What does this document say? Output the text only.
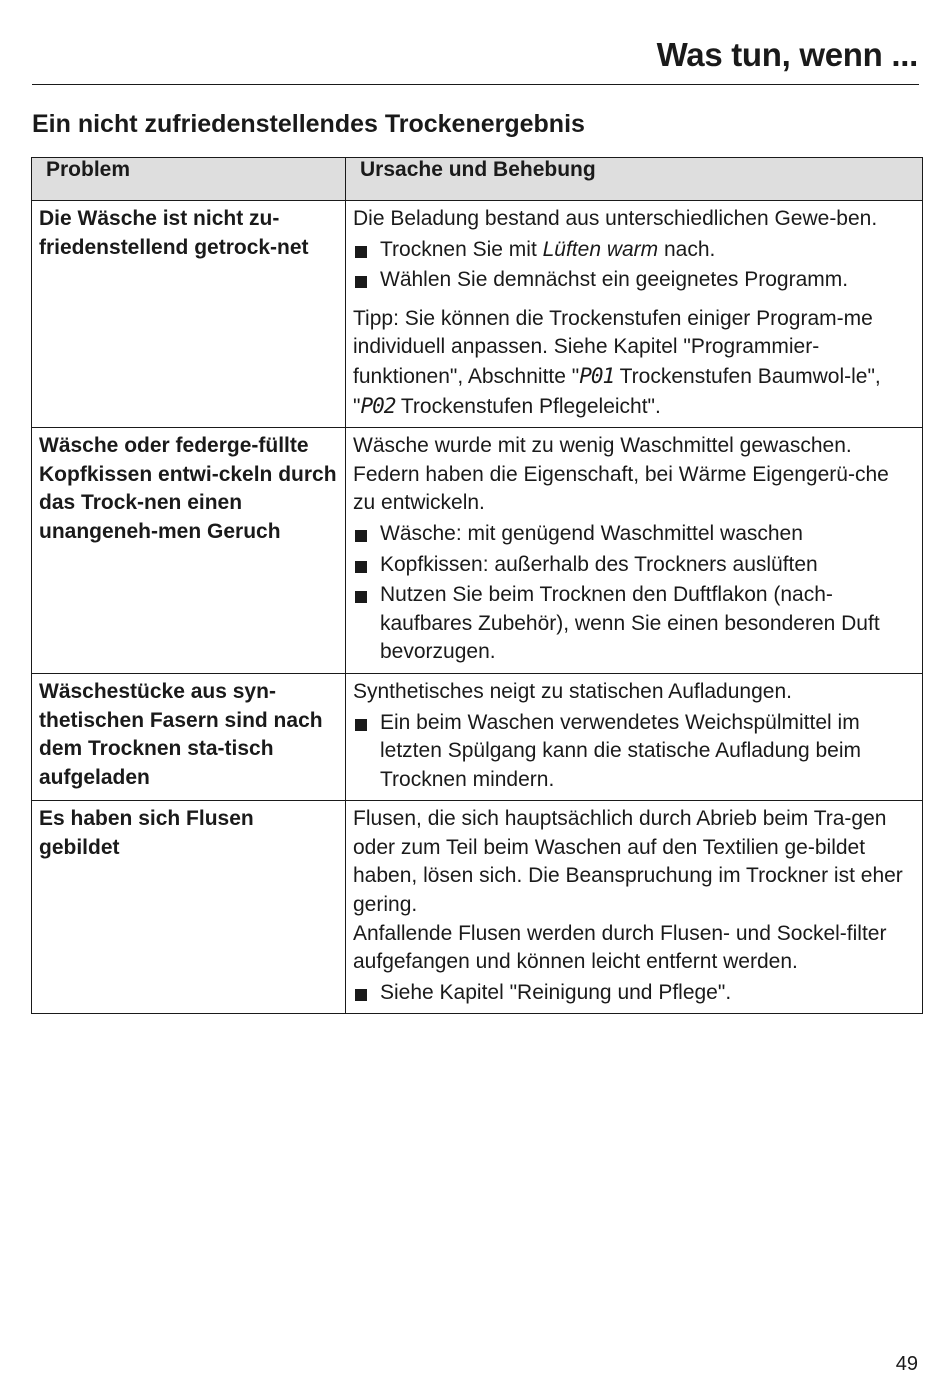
Was tun, wenn ...
Ein nicht zufriedenstellendes Trockenergebnis
Problem	Ursache und Behebung
Die Wäsche ist nicht zu-friedenstellend getrock-net	Die Beladung bestand aus unterschiedlichen Gewe-ben.
Trocknen Sie mit Lüften warm nach.
Wählen Sie demnächst ein geeignetes Programm.
Tipp: Sie können die Trockenstufen einiger Program-me individuell anpassen. Siehe Kapitel "Programmier-funktionen", Abschnitte "P01 Trockenstufen Baumwol-le", "P02 Trockenstufen Pflegeleicht".

Wäsche oder federge-füllte Kopfkissen entwi-ckeln durch das Trock-nen einen unangeneh-men Geruch	Wäsche wurde mit zu wenig Waschmittel gewaschen. Federn haben die Eigenschaft, bei Wärme Eigengerü-che zu entwickeln.
Wäsche: mit genügend Waschmittel waschen
Kopfkissen: außerhalb des Trockners auslüften
Nutzen Sie beim Trocknen den Duftflakon (nach-kaufbares Zubehör), wenn Sie einen besonderen Duft bevorzugen.

Wäschestücke aus syn-thetischen Fasern sind nach dem Trocknen sta-tisch aufgeladen	Synthetisches neigt zu statischen Aufladungen.
Ein beim Waschen verwendetes Weichspülmittel im letzten Spülgang kann die statische Aufladung beim Trocknen mindern.

Es haben sich Flusen gebildet	Flusen, die sich hauptsächlich durch Abrieb beim Tra-gen oder zum Teil beim Waschen auf den Textilien ge-bildet haben, lösen sich. Die Beanspruchung im Trockner ist eher gering.
Anfallende Flusen werden durch Flusen- und Sockel-filter aufgefangen und können leicht entfernt werden.
Siehe Kapitel "Reinigung und Pflege".
49
